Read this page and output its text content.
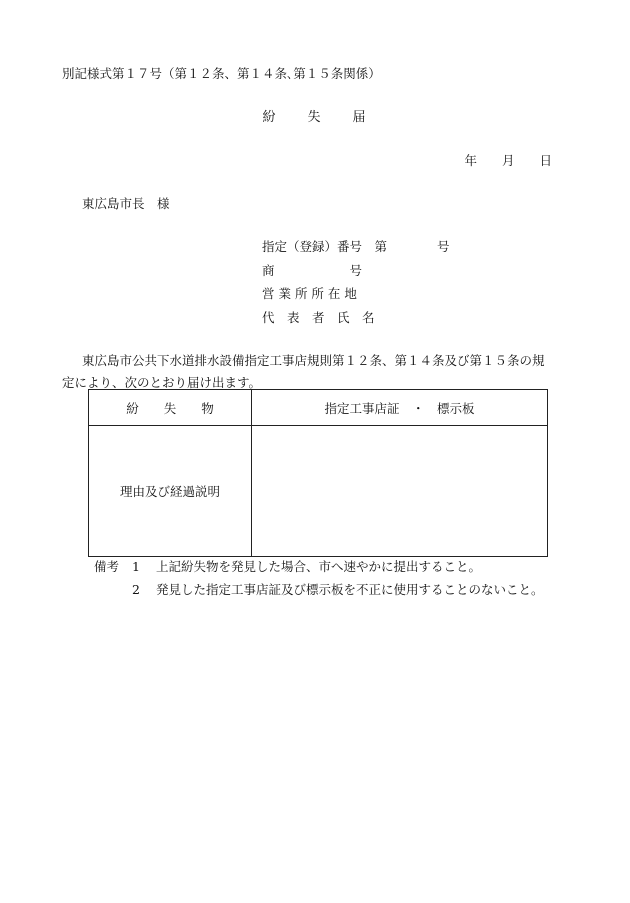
別記様式第１７号（第１２条、第１４条､第１５条関係）
紛　　失　　届
年　　月　　日
東広島市長　様
指定（登録）番号　第　　　　号
商　　　　　　号
営 業 所 所 在 地
代　表　者　氏　名
東広島市公共下水道排水設備指定工事店規則第１２条、第１４条及び第１５条の規定により、次のとおり届け出ます。
紛　　失　　物	指定工事店証　・　標示板
理由及び経過説明	
備考	1	上記紛失物を発見した場合、市へ速やかに提出すること。
2	発見した指定工事店証及び標示板を不正に使用することのないこと。
